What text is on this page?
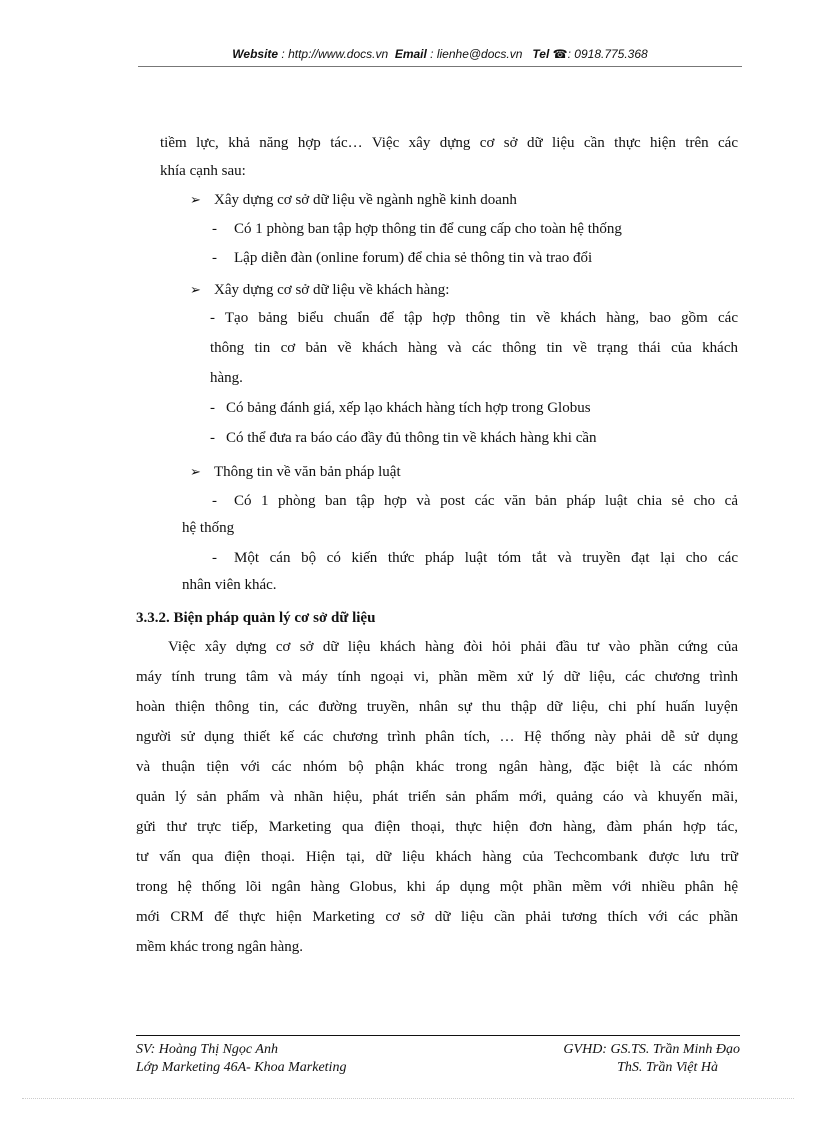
Website : http://www.docs.vn Email : lienhe@docs.vn Tel ☎: 0918.775.368
tiềm lực, khả năng hợp tác… Việc xây dựng cơ sở dữ liệu cần thực hiện trên các
khía cạnh sau:
➢ Xây dựng cơ sở dữ liệu về ngành nghề kinh doanh
- Có 1 phòng ban tập hợp thông tin để cung cấp cho toàn hệ thống
- Lập diễn đàn (online forum) để chia sẻ thông tin và trao đổi
➢ Xây dựng cơ sở dữ liệu về khách hàng:
- Tạo bảng biểu chuẩn để tập hợp thông tin về khách hàng, bao gồm các
thông tin cơ bản về khách hàng và các thông tin về trạng thái của khách
hàng.
- Có bảng đánh giá, xếp lạo khách hàng tích hợp trong Globus
- Có thể đưa ra báo cáo đầy đủ thông tin về khách hàng khi cần
➢ Thông tin về văn bản pháp luật
- Có 1 phòng ban tập hợp và post các văn bản pháp luật chia sẻ cho cả
hệ thống
- Một cán bộ có kiến thức pháp luật tóm tắt và truyền đạt lại cho các
nhân viên khác.
3.3.2. Biện pháp quản lý cơ sở dữ liệu
Việc xây dựng cơ sở dữ liệu khách hàng đòi hỏi phải đầu tư vào phần cứng của
máy tính trung tâm và máy tính ngoại vi, phần mềm xử lý dữ liệu, các chương trình
hoàn thiện thông tin, các đường truyền, nhân sự thu thập dữ liệu, chi phí huấn luyện
người sử dụng thiết kế các chương trình phân tích, … Hệ thống này phải dễ sử dụng
và thuận tiện với các nhóm bộ phận khác trong ngân hàng, đặc biệt là các nhóm
quản lý sản phẩm và nhãn hiệu, phát triển sản phẩm mới, quảng cáo và khuyến mãi,
gửi thư trực tiếp, Marketing qua điện thoại, thực hiện đơn hàng, đàm phán hợp tác,
tư vấn qua điện thoại. Hiện tại, dữ liệu khách hàng của Techcombank được lưu trữ
trong hệ thống lõi ngân hàng Globus, khi áp dụng một phần mềm với nhiều phân hệ
mới CRM để thực hiện Marketing cơ sở dữ liệu cần phải tương thích với các phần
mềm khác trong ngân hàng.
SV: Hoàng Thị Ngọc Anh
Lớp Marketing 46A- Khoa Marketing
GVHD: GS.TS. Trần Minh Đạo
ThS. Trần Việt Hà
